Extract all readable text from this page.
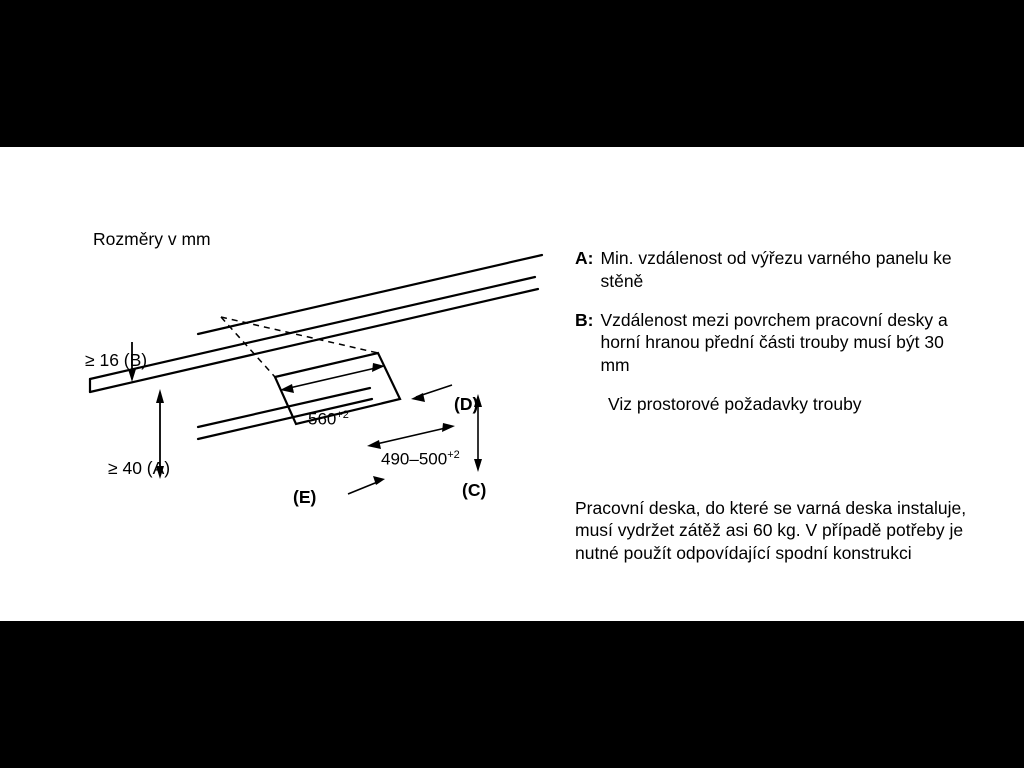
Rozměry v mm
≥ 16 (B)
≥ 40 (A)
(D)
(C)
(E)
$560^{+2}$
$490-500^{+2}$
C	D	E
585–600	50	≥ 35
> 600	≥ 50	≥ 50
A: Min. vzdálenost od výřezu varného panelu ke stěně
B: Vzdálenost mezi povrchem pracovní desky a horní hranou přední části trouby musí být 30 mm
Viz prostorové požadavky trouby
Pracovní deska, do které se varná deska instaluje, musí vydržet zátěž asi 60 kg. V případě potřeby je nutné použít odpovídající spodní konstrukci
